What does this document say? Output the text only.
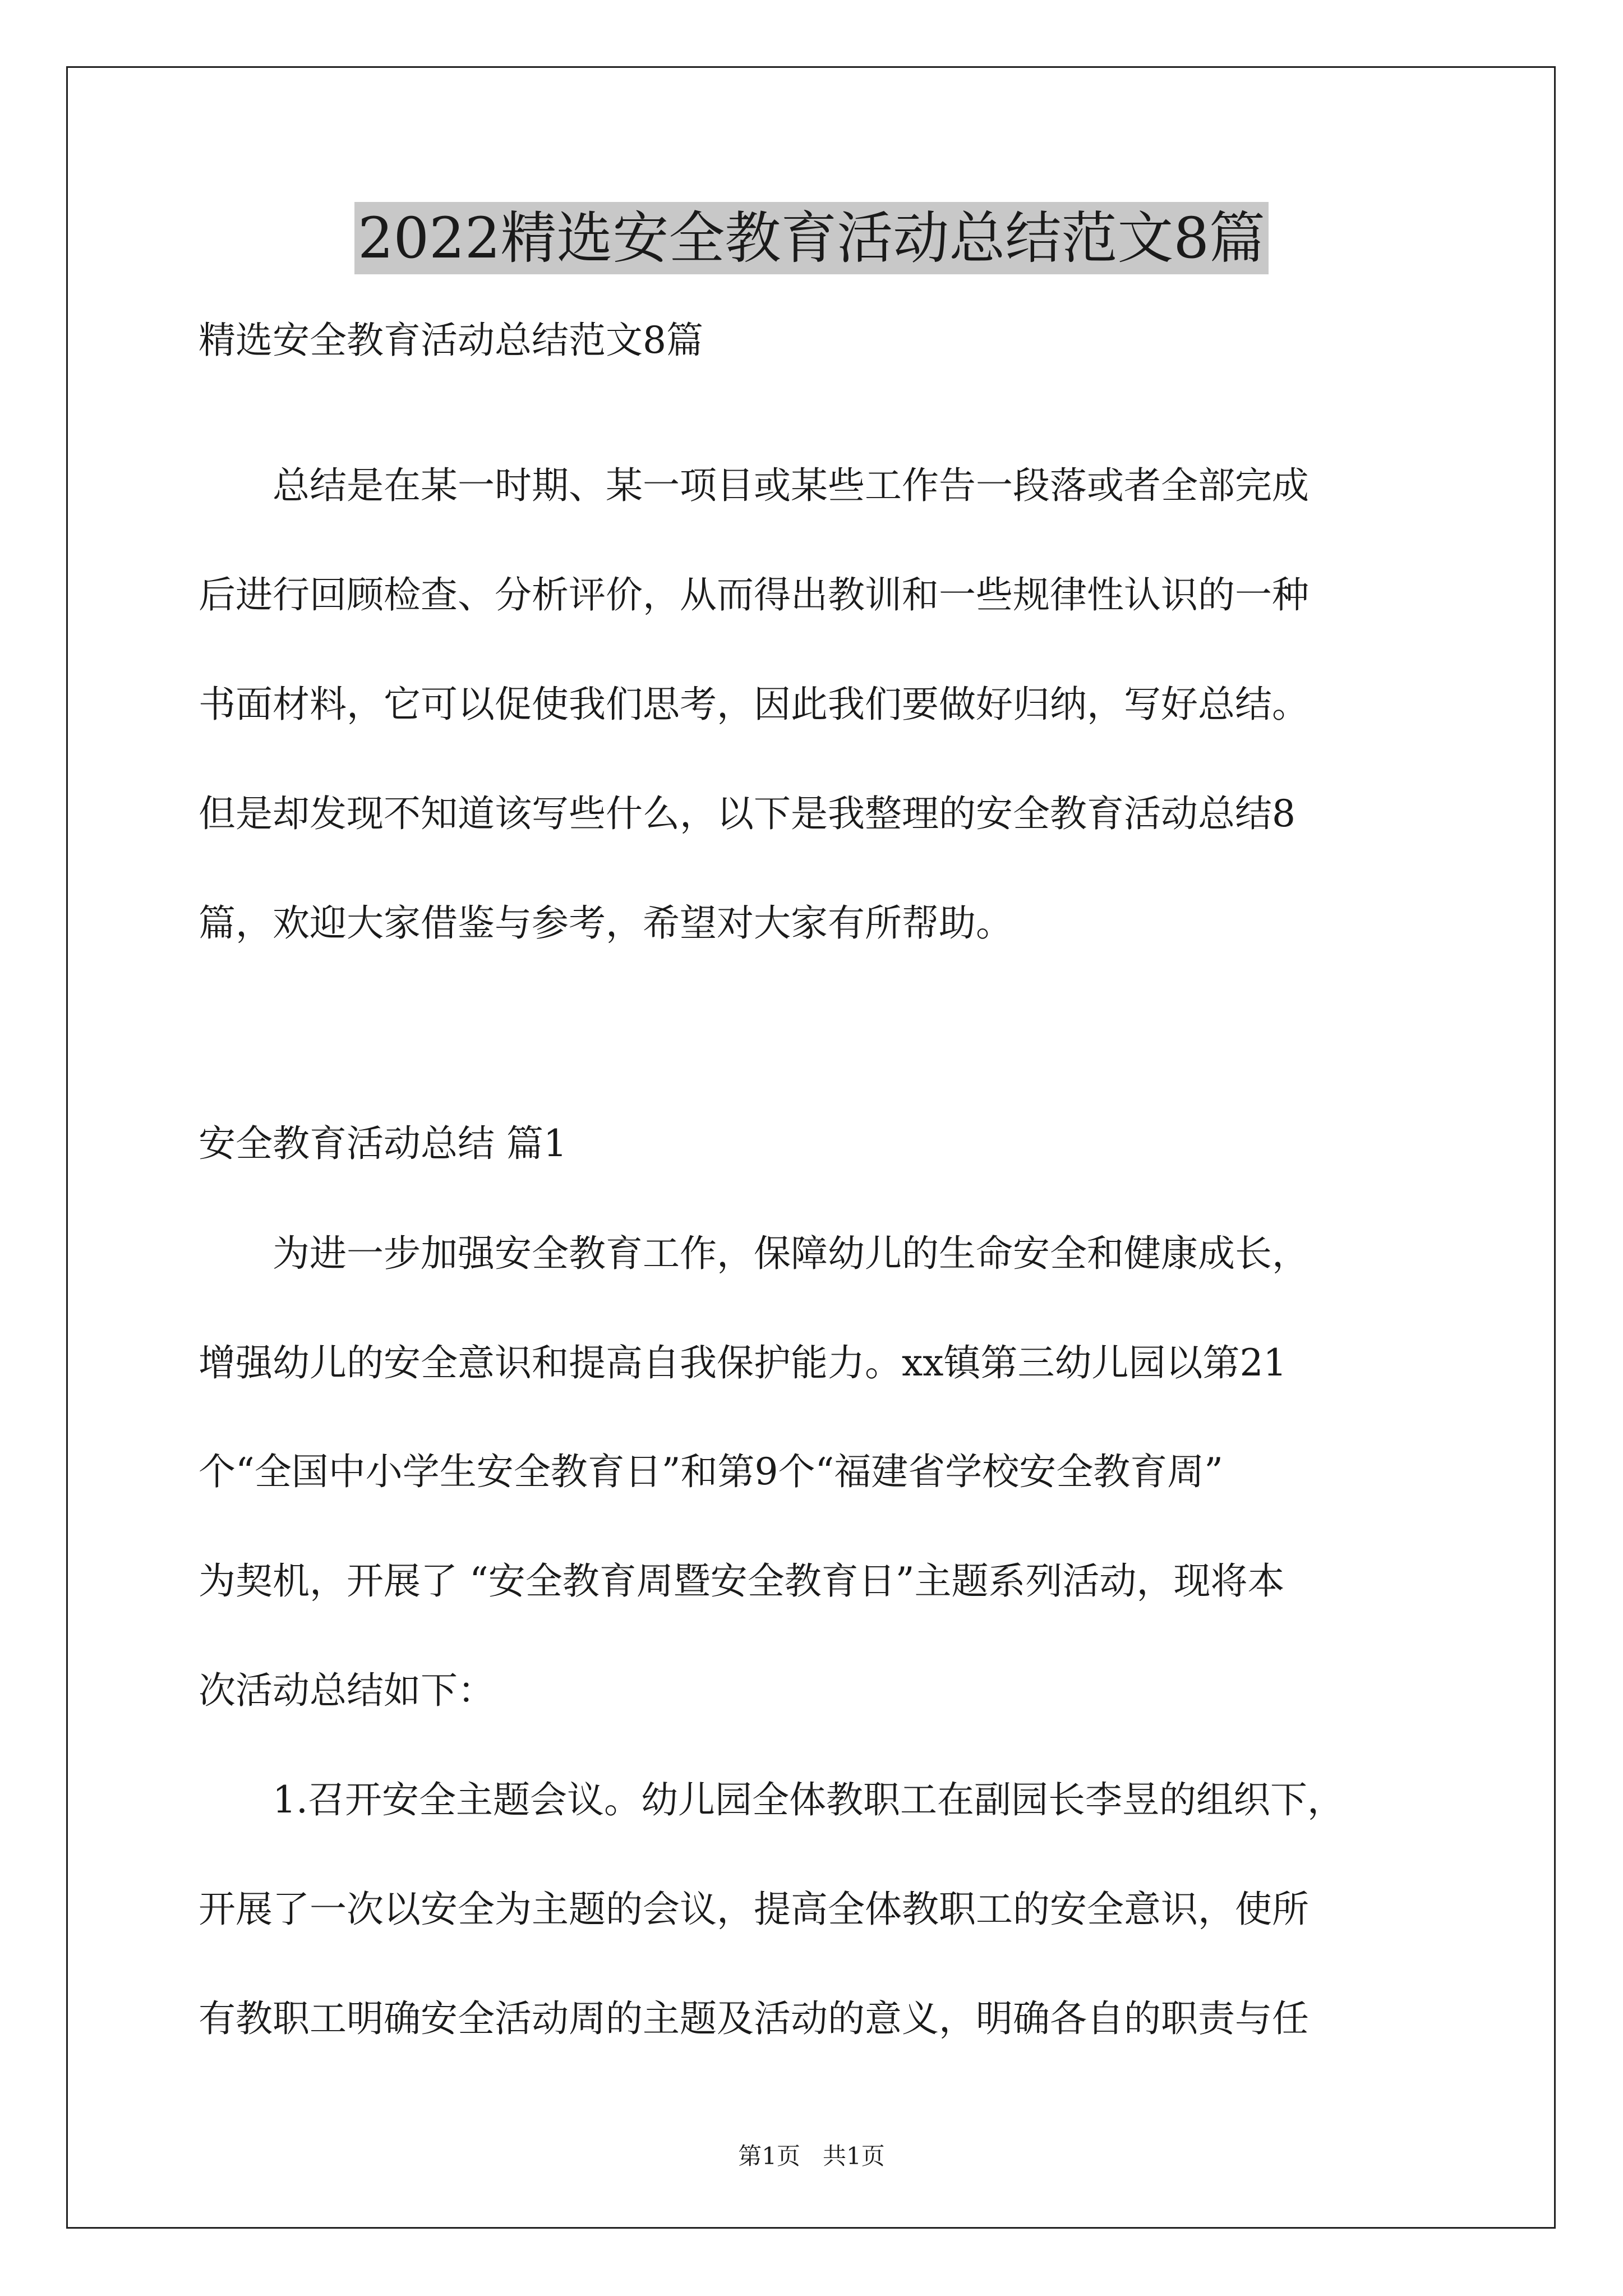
2022精选安全教育活动总结范文8篇
精选安全教育活动总结范文8篇
　　总结是在某一时期、某一项目或某些工作告一段落或者全部完成
后进行回顾检查、分析评价，从而得出教训和一些规律性认识的一种
书面材料，它可以促使我们思考，因此我们要做好归纳，写好总结。
但是却发现不知道该写些什么，以下是我整理的安全教育活动总结8
篇，欢迎大家借鉴与参考，希望对大家有所帮助。
安全教育活动总结 篇1
　　为进一步加强安全教育工作，保障幼儿的生命安全和健康成长，
增强幼儿的安全意识和提高自我保护能力。xx镇第三幼儿园以第21
个“全国中小学生安全教育日”和第9个“福建省学校安全教育周”
为契机，开展了 “安全教育周暨安全教育日”主题系列活动，现将本
次活动总结如下：
　　1.召开安全主题会议。幼儿园全体教职工在副园长李昱的组织下，
开展了一次以安全为主题的会议，提高全体教职工的安全意识，使所
有教职工明确安全活动周的主题及活动的意义，明确各自的职责与任
第1页 共1页
